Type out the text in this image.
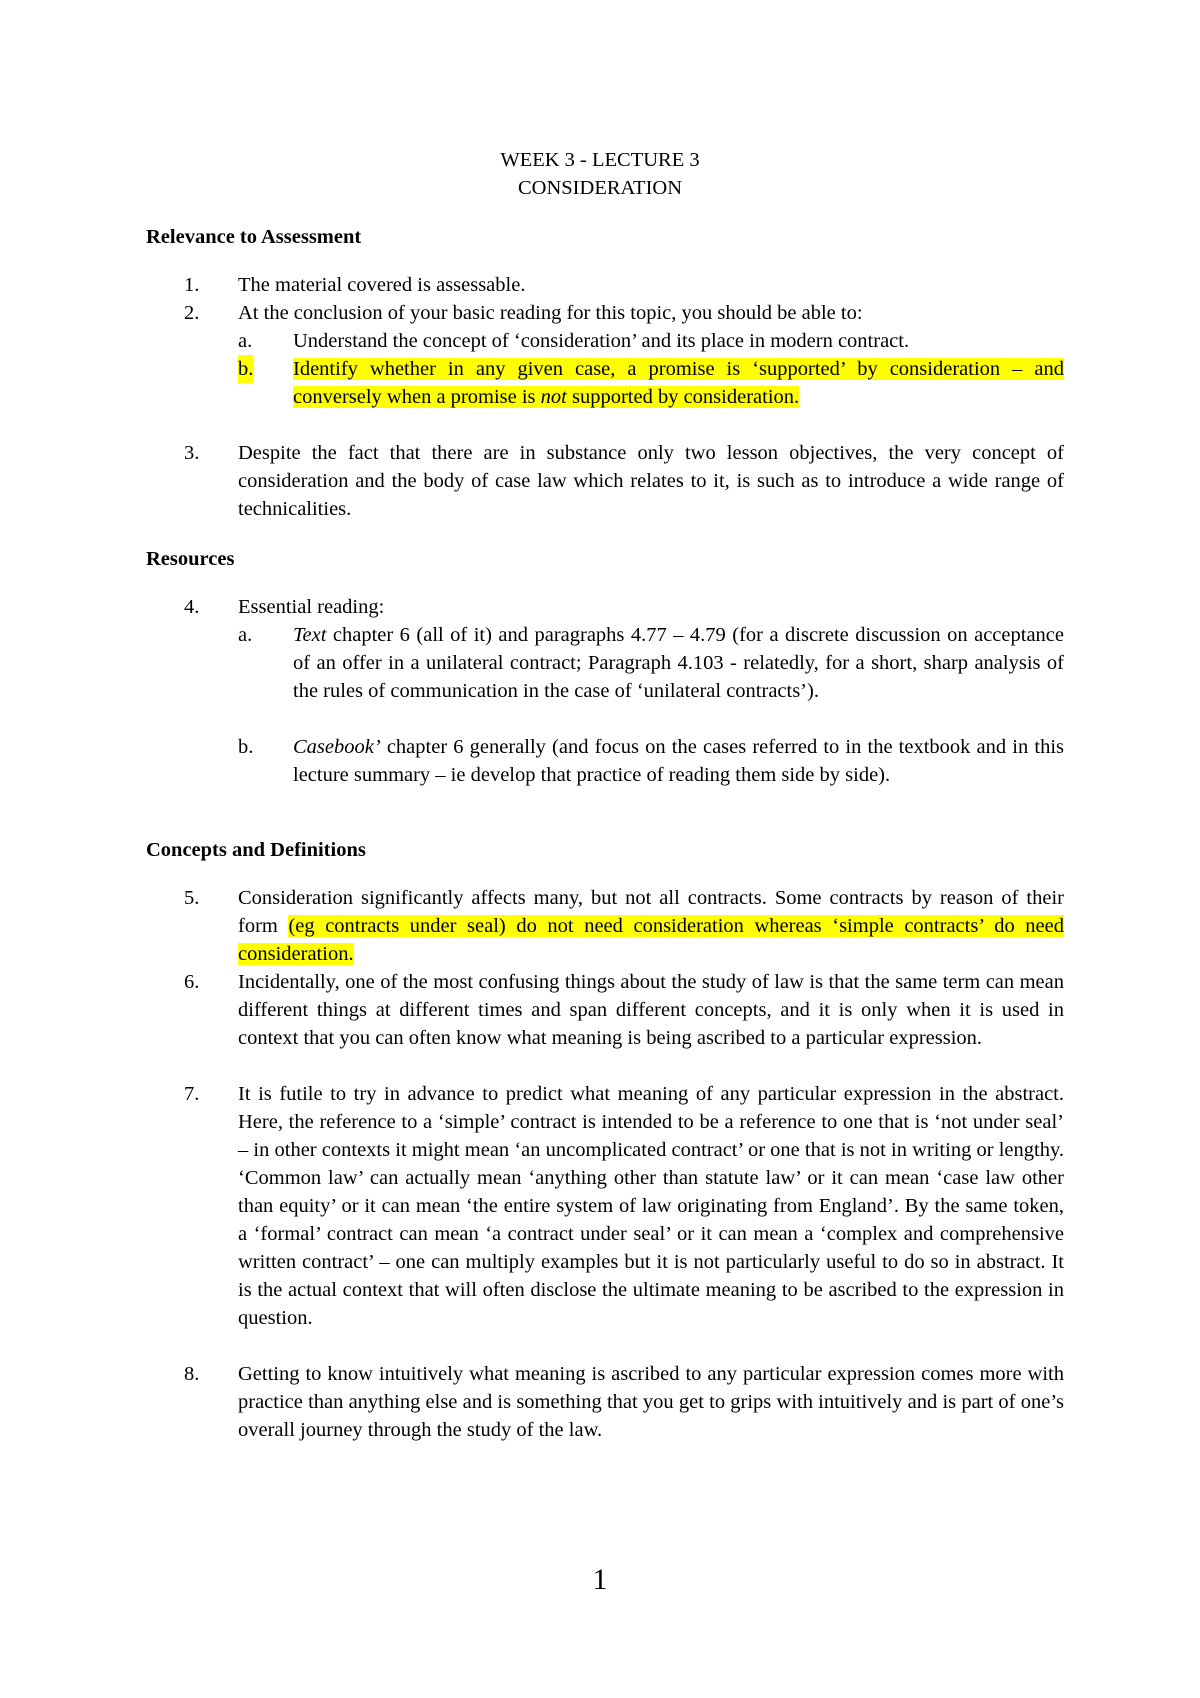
WEEK 3 - LECTURE 3
CONSIDERATION
Relevance to Assessment
1. The material covered is assessable.
2. At the conclusion of your basic reading for this topic, you should be able to:
a. Understand the concept of ‘consideration’ and its place in modern contract.
b. Identify whether in any given case, a promise is ‘supported’ by consideration – and conversely when a promise is not supported by consideration.
3. Despite the fact that there are in substance only two lesson objectives, the very concept of consideration and the body of case law which relates to it, is such as to introduce a wide range of technicalities.
Resources
4. Essential reading:
a. Text chapter 6 (all of it) and paragraphs 4.77 – 4.79 (for a discrete discussion on acceptance of an offer in a unilateral contract; Paragraph 4.103 - relatedly, for a short, sharp analysis of the rules of communication in the case of ‘unilateral contracts’).
b. Casebook’ chapter 6 generally (and focus on the cases referred to in the textbook and in this lecture summary – ie develop that practice of reading them side by side).
Concepts and Definitions
5. Consideration significantly affects many, but not all contracts. Some contracts by reason of their form (eg contracts under seal) do not need consideration whereas ‘simple contracts’ do need consideration.
6. Incidentally, one of the most confusing things about the study of law is that the same term can mean different things at different times and span different concepts, and it is only when it is used in context that you can often know what meaning is being ascribed to a particular expression.
7. It is futile to try in advance to predict what meaning of any particular expression in the abstract. Here, the reference to a ‘simple’ contract is intended to be a reference to one that is ‘not under seal’ – in other contexts it might mean ‘an uncomplicated contract’ or one that is not in writing or lengthy. ‘Common law’ can actually mean ‘anything other than statute law’ or it can mean ‘case law other than equity’ or it can mean ‘the entire system of law originating from England’. By the same token, a ‘formal’ contract can mean ‘a contract under seal’ or it can mean a ‘complex and comprehensive written contract’ – one can multiply examples but it is not particularly useful to do so in abstract. It is the actual context that will often disclose the ultimate meaning to be ascribed to the expression in question.
8. Getting to know intuitively what meaning is ascribed to any particular expression comes more with practice than anything else and is something that you get to grips with intuitively and is part of one’s overall journey through the study of the law.
1
